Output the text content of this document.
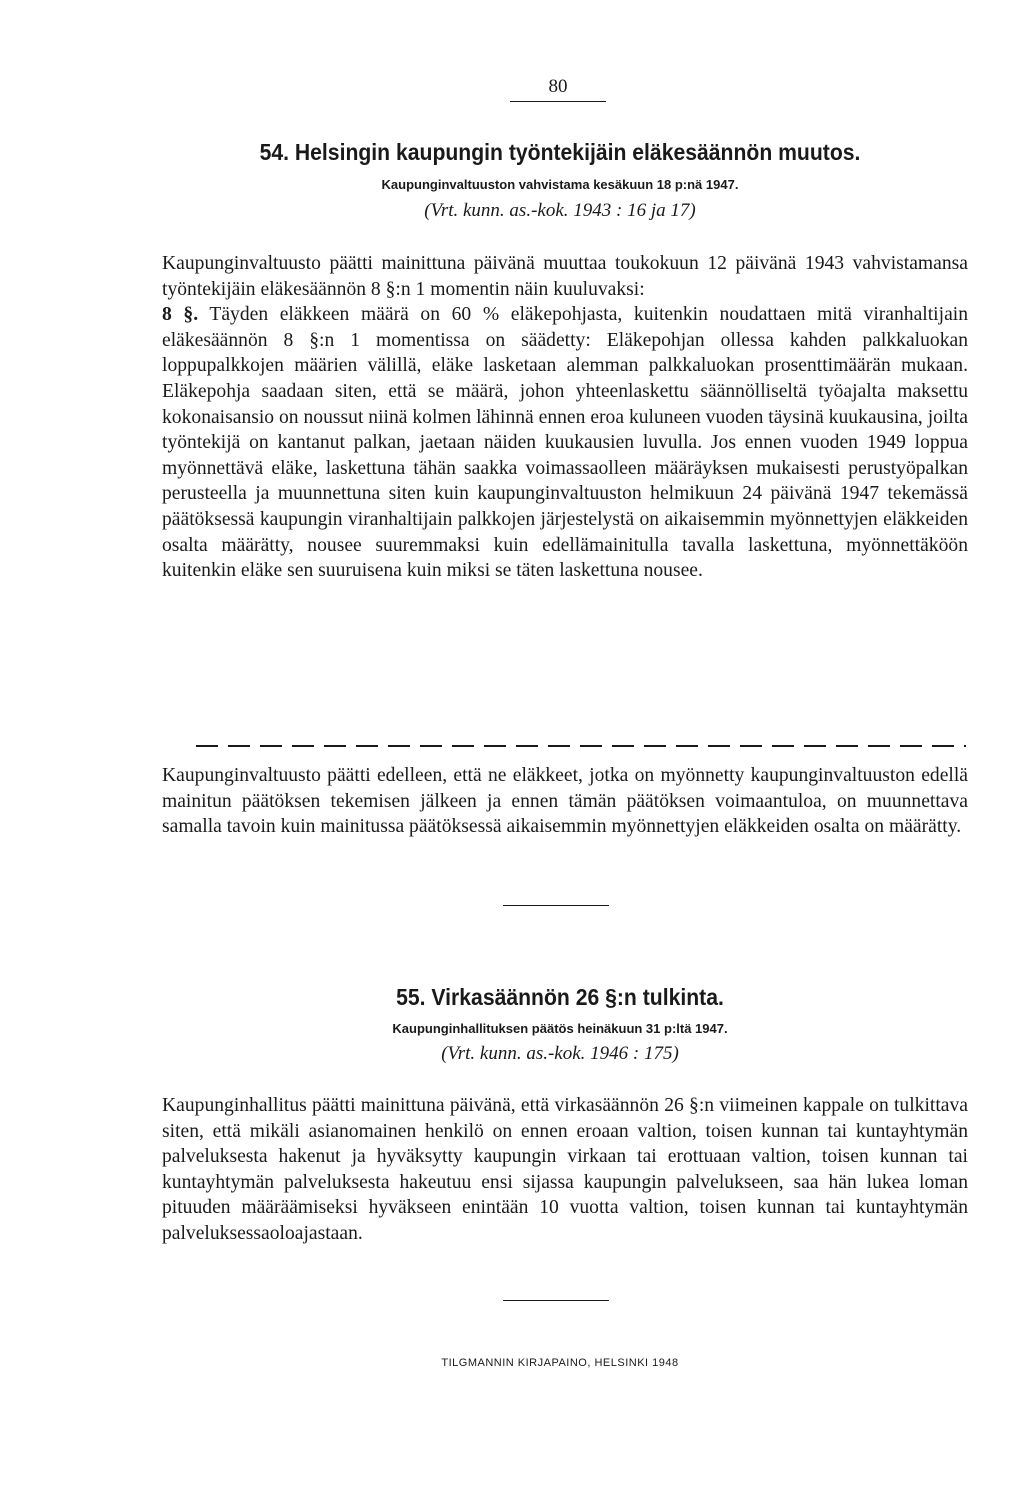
80
54. Helsingin kaupungin työntekijäin eläkesäännön muutos.
Kaupunginvaltuuston vahvistama kesäkuun 18 p:nä 1947.
(Vrt. kunn. as.-kok. 1943 : 16 ja 17)

Kaupunginvaltuusto päätti mainittuna päivänä muuttaa toukokuun 12 päivänä 1943 vahvistamansa työntekijäin eläkesäännön 8 §:n 1 momentin näin kuuluvaksi:

8 §. Täyden eläkkeen määrä on 60 % eläkepohjasta, kuitenkin noudattaen mitä viranhaltijain eläkesäännön 8 §:n 1 momentissa on säädetty: Eläkepohjan ollessa kahden palkkaluokan loppupalkkojen määrien välillä, eläke lasketaan alemman palkkaluokan prosenttimäärän mukaan. Eläkepohja saadaan siten, että se määrä, johon yhteenlaskettu säännölliseltä työajalta maksettu kokonaisansio on noussut niinä kolmen lähinnä ennen eroa kuluneen vuoden täysinä kuukausina, joilta työntekijä on kantanut palkan, jaetaan näiden kuukausien luvulla. Jos ennen vuoden 1949 loppua myönnettävä eläke, laskettuna tähän saakka voimassaolleen määräyksen mukaisesti perustyöpalkan perusteella ja muunnettuna siten kuin kaupunginvaltuuston helmikuun 24 päivänä 1947 tekemässä päätöksessä kaupungin viranhaltijain palkkojen järjestelystä on aikaisemmin myönnettyjen eläkkeiden osalta määrätty, nousee suuremmaksi kuin edellämainitulla tavalla laskettuna, myönnettäköön kuitenkin eläke sen suuruisena kuin miksi se täten laskettuna nousee.

Kaupunginvaltuusto päätti edelleen, että ne eläkkeet, jotka on myönnetty kaupunginvaltuuston edellä mainitun päätöksen tekemisen jälkeen ja ennen tämän päätöksen voimaantuloa, on muunnettava samalla tavoin kuin mainitussa päätöksessä aikaisemmin myönnettyjen eläkkeiden osalta on määrätty.

55. Virkasäännön 26 §:n tulkinta.
Kaupunginhallituksen päätös heinäkuun 31 p:ltä 1947.
(Vrt. kunn. as.-kok. 1946 : 175)

Kaupunginhallitus päätti mainittuna päivänä, että virkasäännön 26 §:n viimeinen kappale on tulkittava siten, että mikäli asianomainen henkilö on ennen eroaan valtion, toisen kunnan tai kuntayhtymän palveluksesta hakenut ja hyväksytty kaupungin virkaan tai erottuaan valtion, toisen kunnan tai kuntayhtymän palveluksesta hakeutuu ensi sijassa kaupungin palvelukseen, saa hän lukea loman pituuden määräämiseksi hyväkseen enintään 10 vuotta valtion, toisen kunnan tai kuntayhtymän palveluksessaoloajastaan.

TILGMANNIN KIRJAPAINO, HELSINKI 1948
